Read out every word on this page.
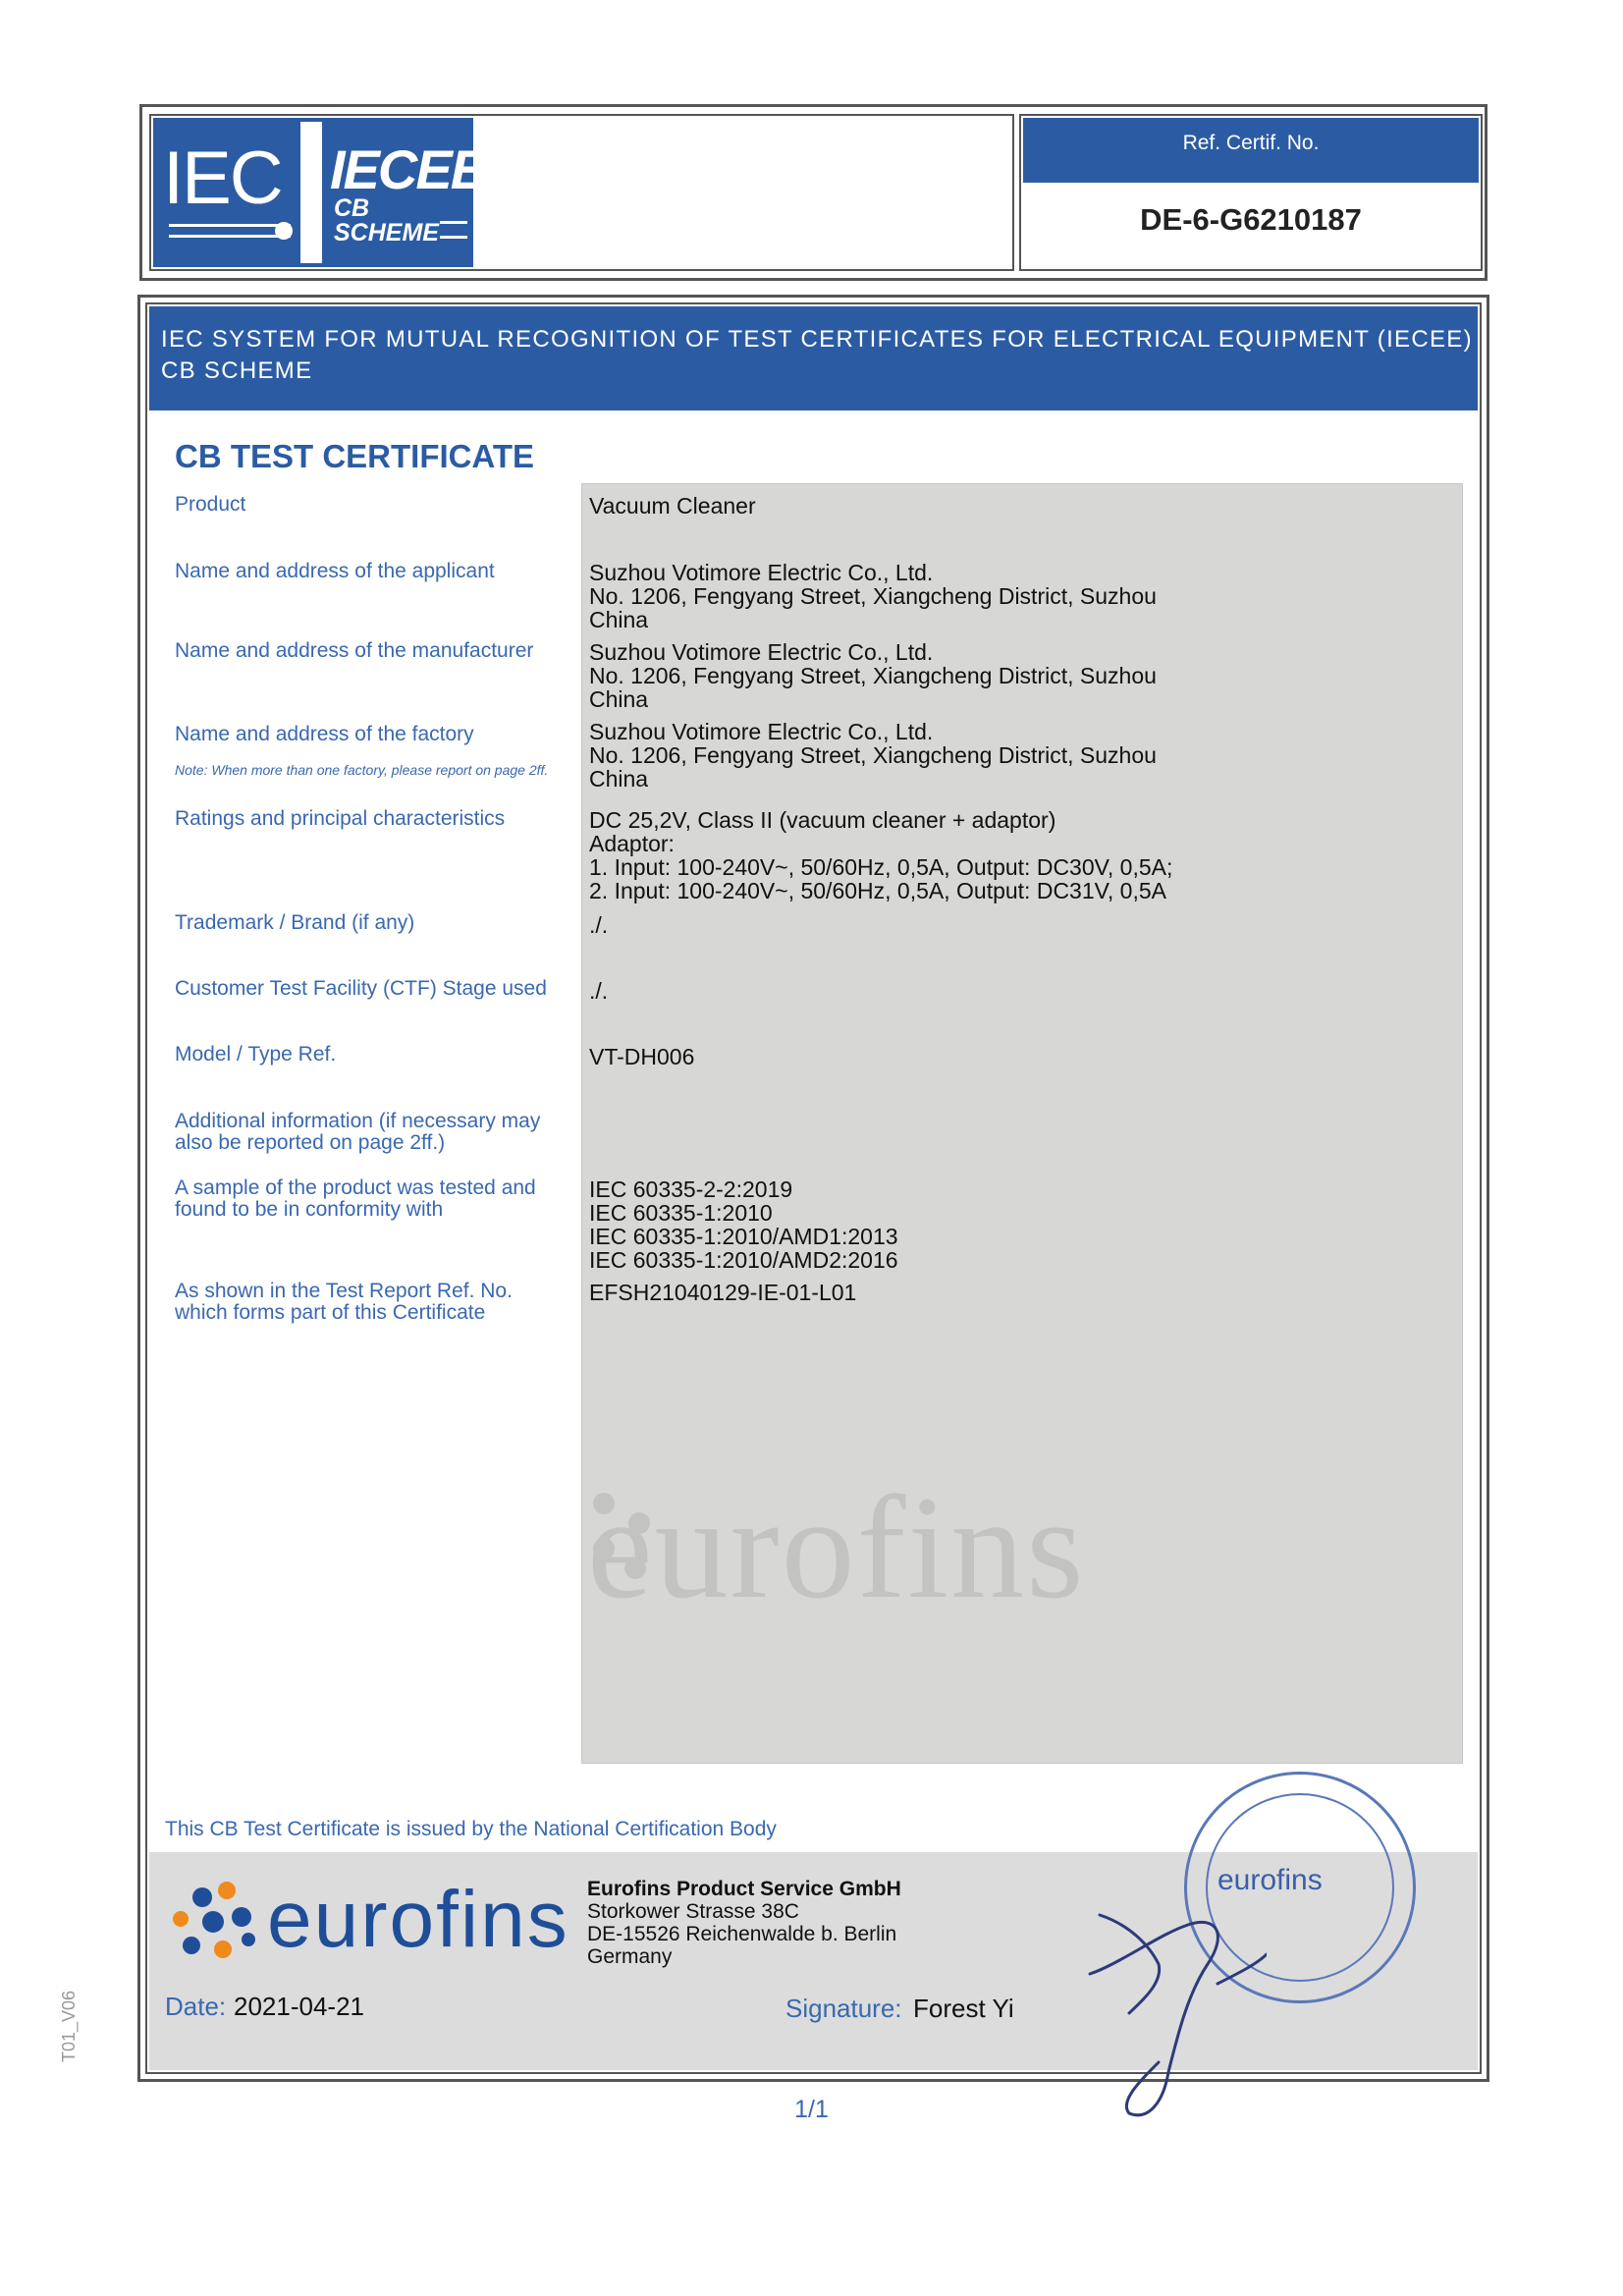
IEC IECEE
CB
SCHEME
Ref. Certif. No.
DE-6-G6210187
IEC SYSTEM FOR MUTUAL RECOGNITION OF TEST CERTIFICATES FOR ELECTRICAL EQUIPMENT (IECEE) CB SCHEME
CB TEST CERTIFICATE
eurofins
Product
Name and address of the applicant
Name and address of the manufacturer
Name and address of the factory
Note: When more than one factory, please report on page 2ff.
Ratings and principal characteristics
Trademark / Brand (if any)
Customer Test Facility (CTF) Stage used
Model / Type Ref.
Additional information (if necessary may also be reported on page 2ff.)
A sample of the product was tested and found to be in conformity with
As shown in the Test Report Ref. No. which forms part of this Certificate
Vacuum Cleaner
Suzhou Votimore Electric Co., Ltd.
No. 1206, Fengyang Street, Xiangcheng District, Suzhou
China
Suzhou Votimore Electric Co., Ltd.
No. 1206, Fengyang Street, Xiangcheng District, Suzhou
China
Suzhou Votimore Electric Co., Ltd.
No. 1206, Fengyang Street, Xiangcheng District, Suzhou
China
DC 25,2V, Class II (vacuum cleaner + adaptor)
Adaptor:
1. Input: 100-240V~, 50/60Hz, 0,5A, Output: DC30V, 0,5A;
2. Input: 100-240V~, 50/60Hz, 0,5A, Output: DC31V, 0,5A
./.
./.
VT-DH006
IEC 60335-2-2:2019
IEC 60335-1:2010
IEC 60335-1:2010/AMD1:2013
IEC 60335-1:2010/AMD2:2016
EFSH21040129-IE-01-L01
This CB Test Certificate is issued by the National Certification Body
eurofins Eurofins Product Service GmbH
Storkower Strasse 38C
DE-15526 Reichenwalde b. Berlin
Germany
Date: 2021-04-21	Signature: Forest Yi
eurofins
1/1
T01_V06
